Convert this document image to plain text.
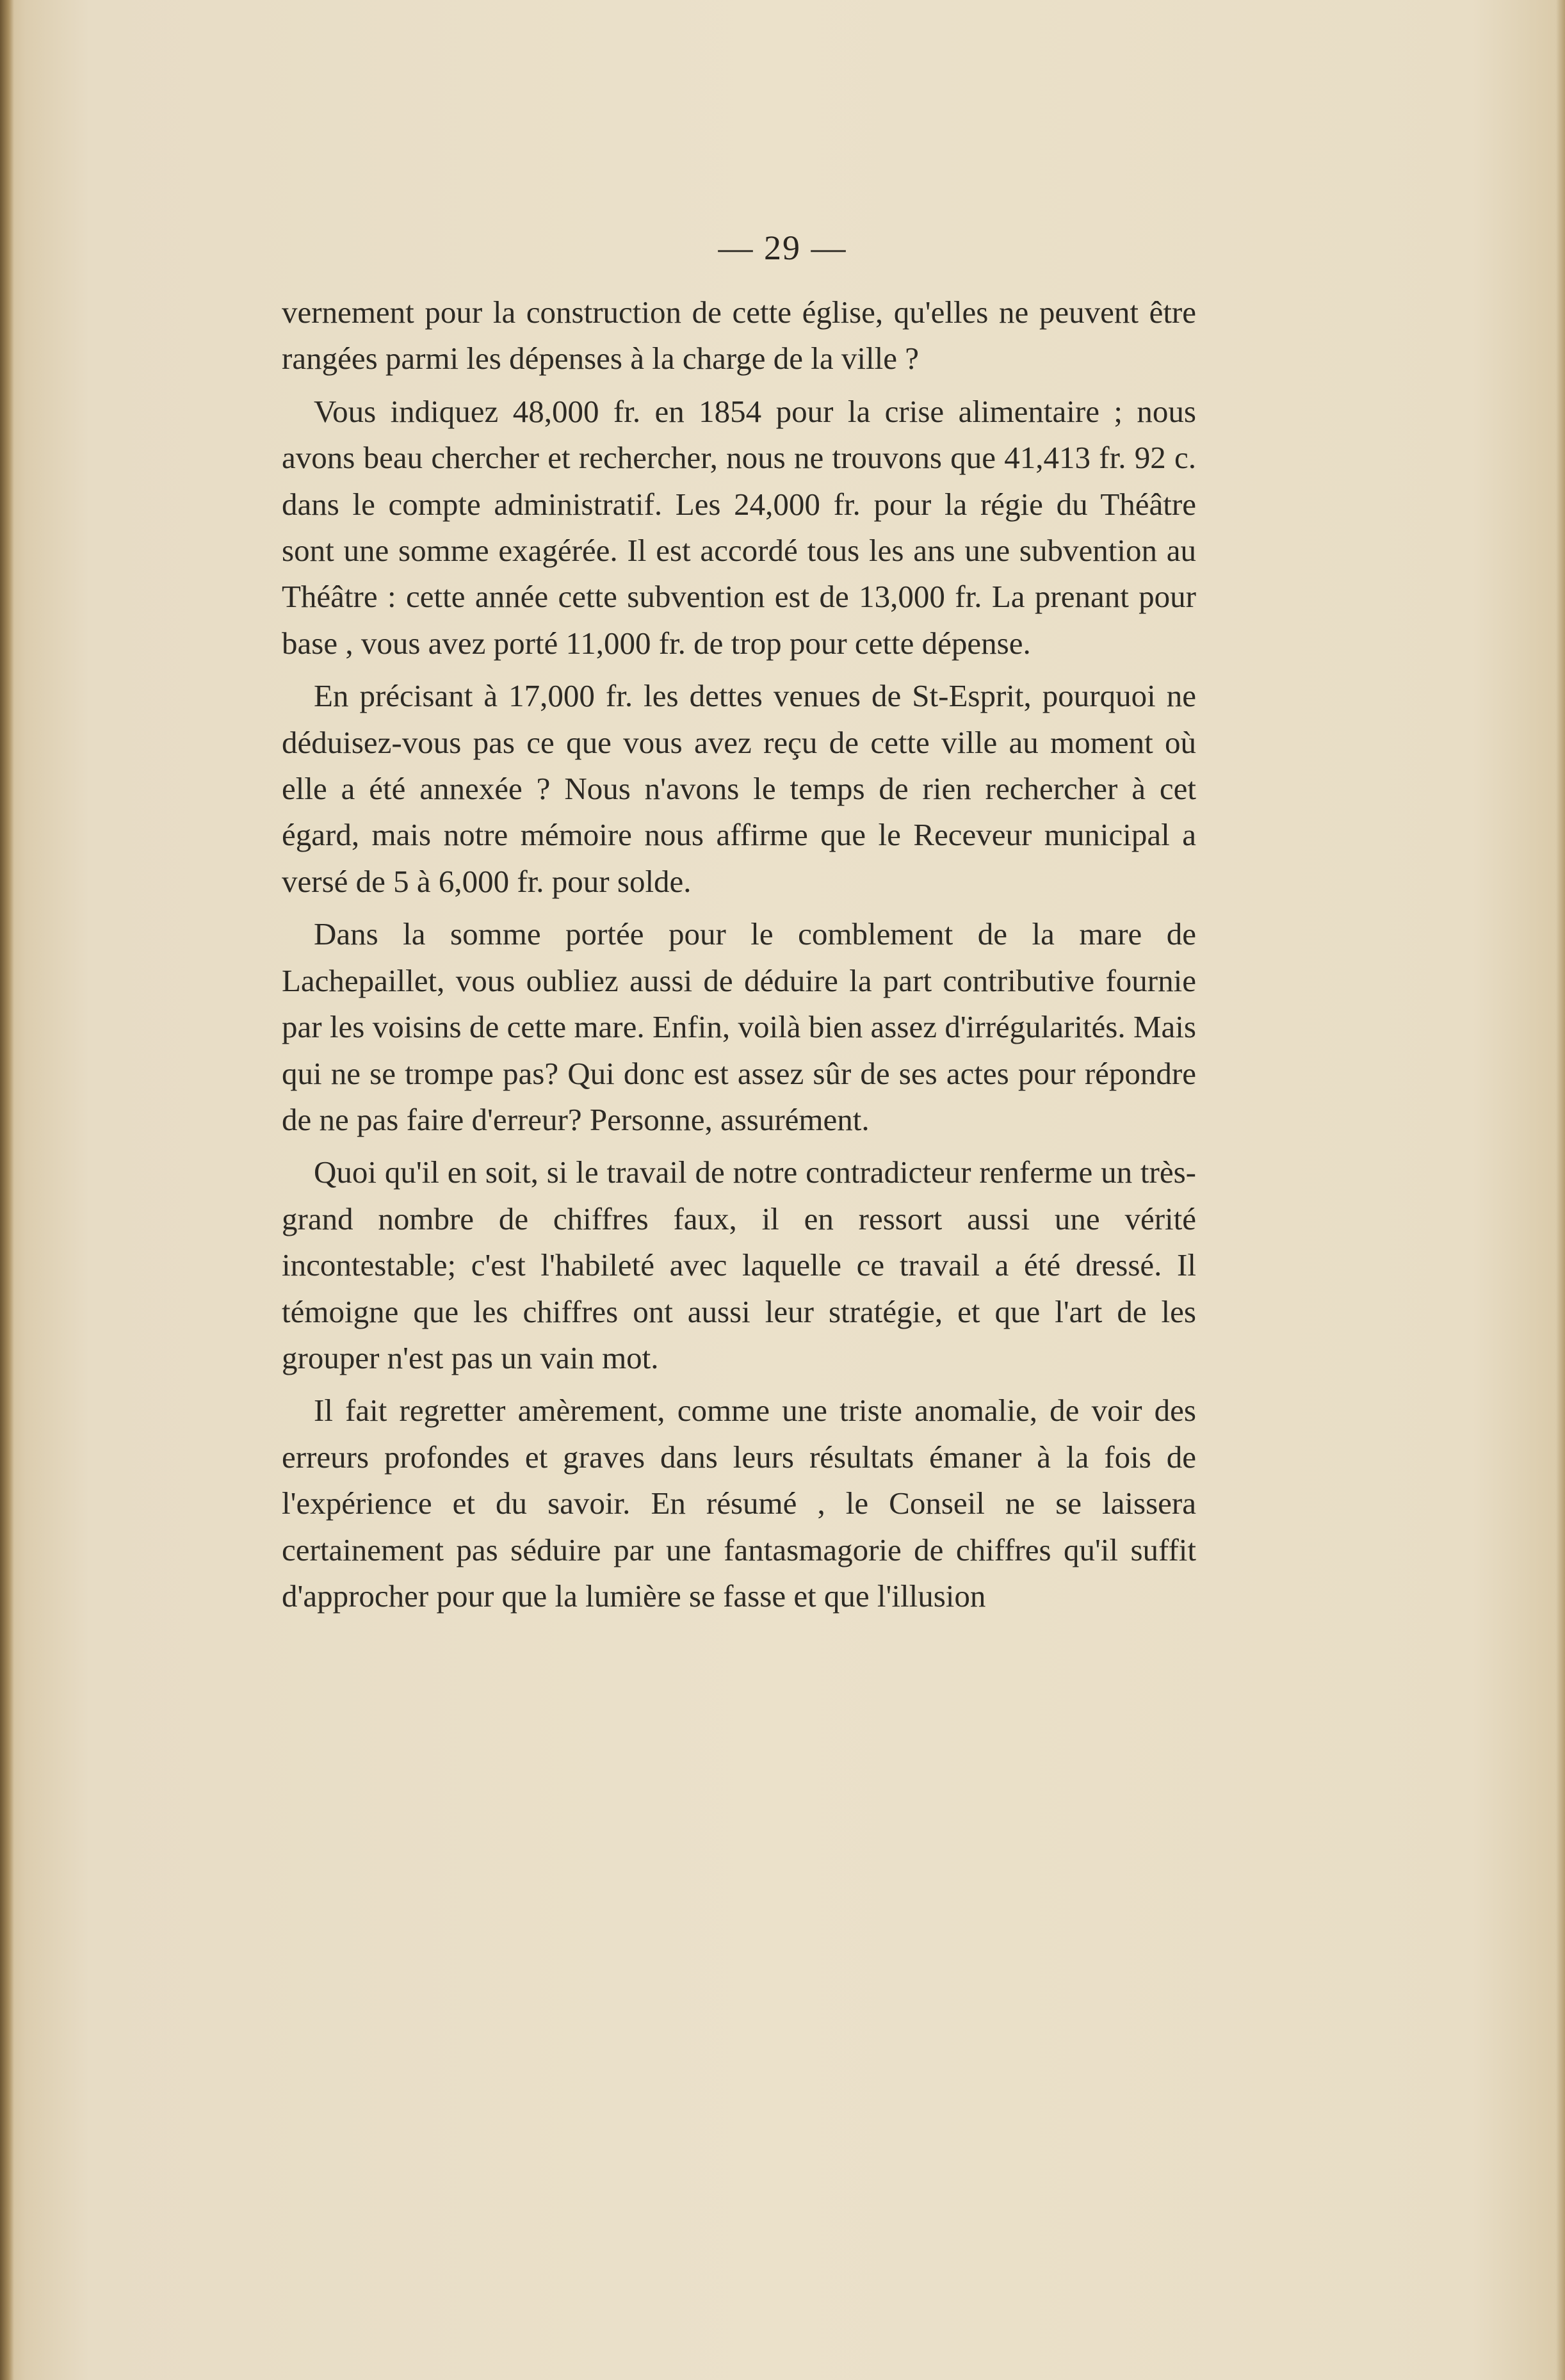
— 29 —

vernement pour la construction de cette église, qu'elles ne peuvent être rangées parmi les dépenses à la charge de la ville ?

Vous indiquez 48,000 fr. en 1854 pour la crise alimentaire ; nous avons beau chercher et rechercher, nous ne trouvons que 41,413 fr. 92 c. dans le compte administratif. Les 24,000 fr. pour la régie du Théâtre sont une somme exagérée. Il est accordé tous les ans une subvention au Théâtre : cette année cette subvention est de 13,000 fr. La prenant pour base , vous avez porté 11,000 fr. de trop pour cette dépense.

En précisant à 17,000 fr. les dettes venues de St-Esprit, pourquoi ne déduisez-vous pas ce que vous avez reçu de cette ville au moment où elle a été annexée ? Nous n'avons le temps de rien rechercher à cet égard, mais notre mémoire nous affirme que le Receveur municipal a versé de 5 à 6,000 fr. pour solde.

Dans la somme portée pour le comblement de la mare de Lachepaillet, vous oubliez aussi de déduire la part contributive fournie par les voisins de cette mare. Enfin, voilà bien assez d'irrégularités. Mais qui ne se trompe pas? Qui donc est assez sûr de ses actes pour répondre de ne pas faire d'erreur? Personne, assurément.

Quoi qu'il en soit, si le travail de notre contradicteur renferme un très-grand nombre de chiffres faux, il en ressort aussi une vérité incontestable; c'est l'habileté avec laquelle ce travail a été dressé. Il témoigne que les chiffres ont aussi leur stratégie, et que l'art de les grouper n'est pas un vain mot.

Il fait regretter amèrement, comme une triste anomalie, de voir des erreurs profondes et graves dans leurs résultats émaner à la fois de l'expérience et du savoir. En résumé , le Conseil ne se laissera certainement pas séduire par une fantasmagorie de chiffres qu'il suffit d'approcher pour que la lumière se fasse et que l'illusion
